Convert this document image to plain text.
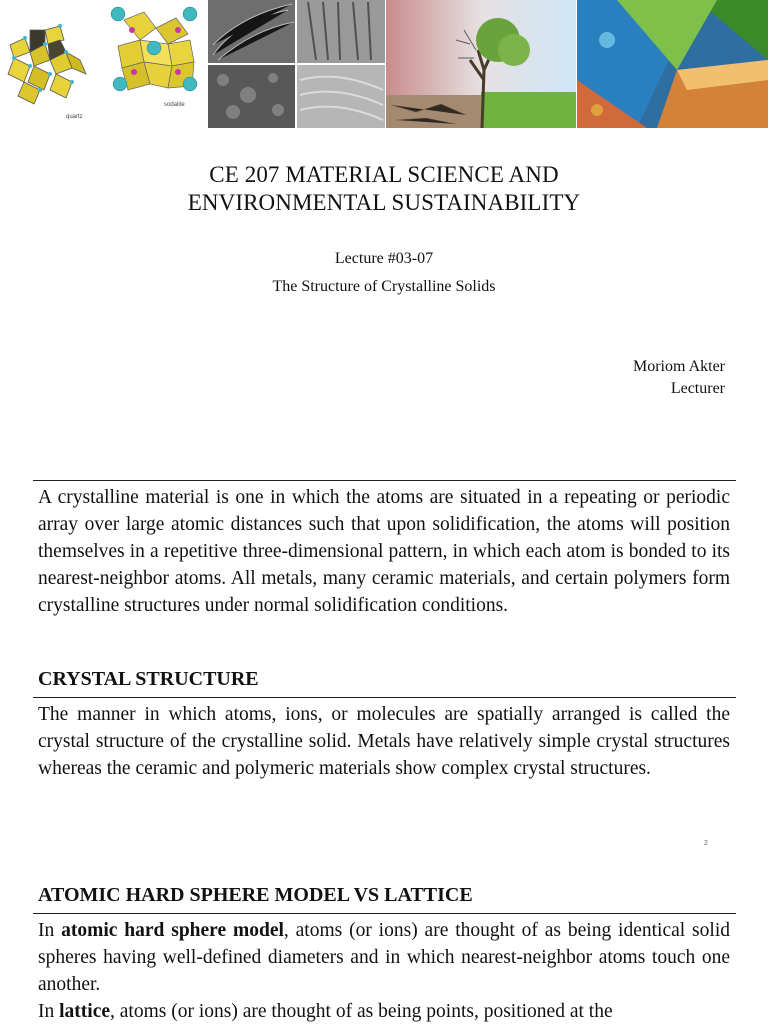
quartz
sodalite
CE 207 MATERIAL SCIENCE AND
ENVIRONMENTAL SUSTAINABILITY
Lecture #03-07
The Structure of Crystalline Solids
Moriom Akter
Lecturer
A crystalline material is one in which the atoms are situated in a repeating or periodic array over large atomic distances such that upon solidification, the atoms will position themselves in a repetitive three-dimensional pattern, in which each atom is bonded to its nearest-neighbor atoms. All metals, many ceramic materials, and certain polymers form crystalline structures under normal solidification conditions.
CRYSTAL STRUCTURE
The manner in which atoms, ions, or molecules are spatially arranged is called the crystal structure of the crystalline solid. Metals have relatively simple crystal structures whereas the ceramic and polymeric materials show complex crystal structures.
2
ATOMIC HARD SPHERE MODEL VS LATTICE
In atomic hard sphere model, atoms (or ions) are thought of as being identical solid spheres having well-defined diameters and in which nearest-neighbor atoms touch one another.
In lattice, atoms (or ions) are thought of as being points, positioned at the
